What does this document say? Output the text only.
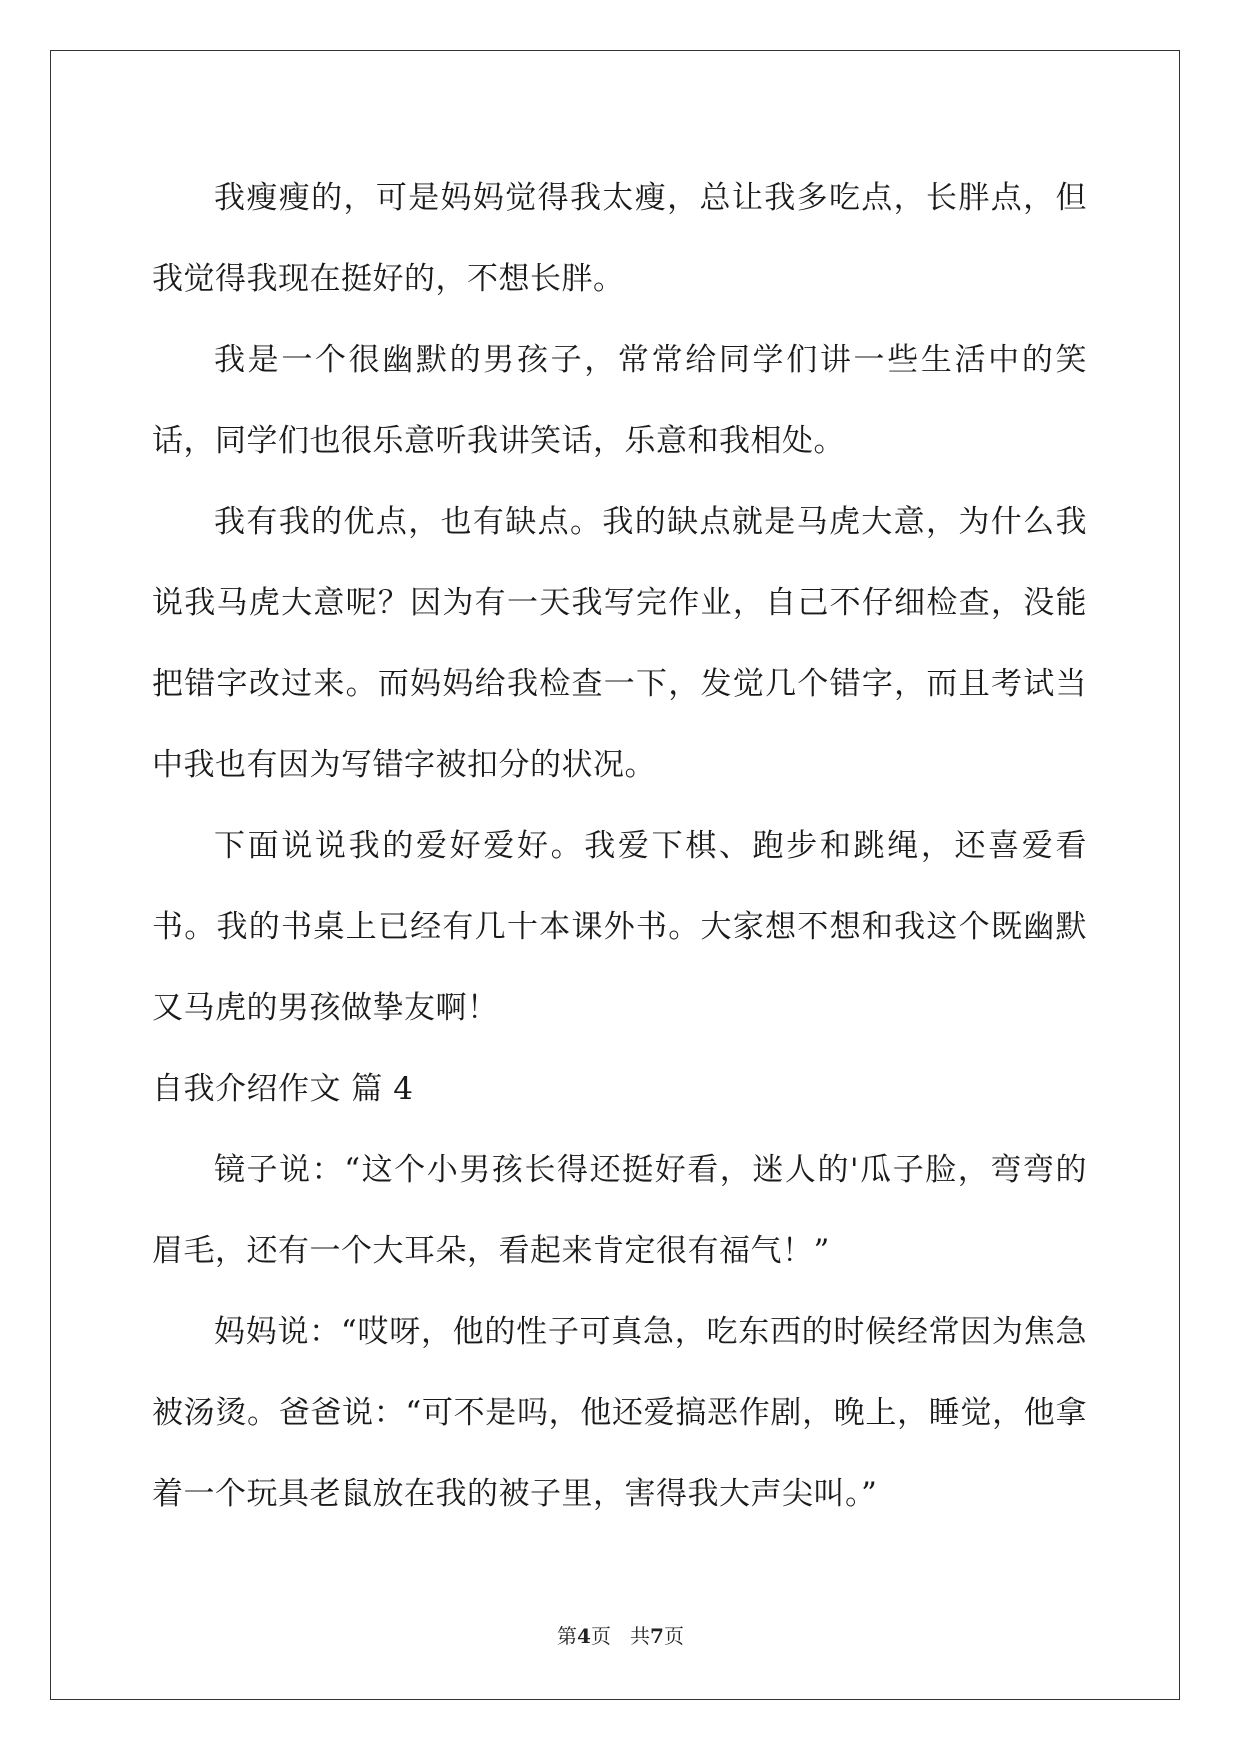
我瘦瘦的，可是妈妈觉得我太瘦，总让我多吃点，长胖点，但我觉得我现在挺好的，不想长胖。

我是一个很幽默的男孩子，常常给同学们讲一些生活中的笑话，同学们也很乐意听我讲笑话，乐意和我相处。

我有我的优点，也有缺点。我的缺点就是马虎大意，为什么我说我马虎大意呢？因为有一天我写完作业，自己不仔细检查，没能把错字改过来。而妈妈给我检查一下，发觉几个错字，而且考试当中我也有因为写错字被扣分的状况。

下面说说我的爱好爱好。我爱下棋、跑步和跳绳，还喜爱看书。我的书桌上已经有几十本课外书。大家想不想和我这个既幽默又马虎的男孩做挚友啊！

自我介绍作文 篇 4

镜子说：“这个小男孩长得还挺好看，迷人的'瓜子脸，弯弯的眉毛，还有一个大耳朵，看起来肯定很有福气！”

妈妈说：“哎呀，他的性子可真急，吃东西的时候经常因为焦急被汤烫。爸爸说：“可不是吗，他还爱搞恶作剧，晚上，睡觉，他拿着一个玩具老鼠放在我的被子里，害得我大声尖叫。”

第4页   共7页
